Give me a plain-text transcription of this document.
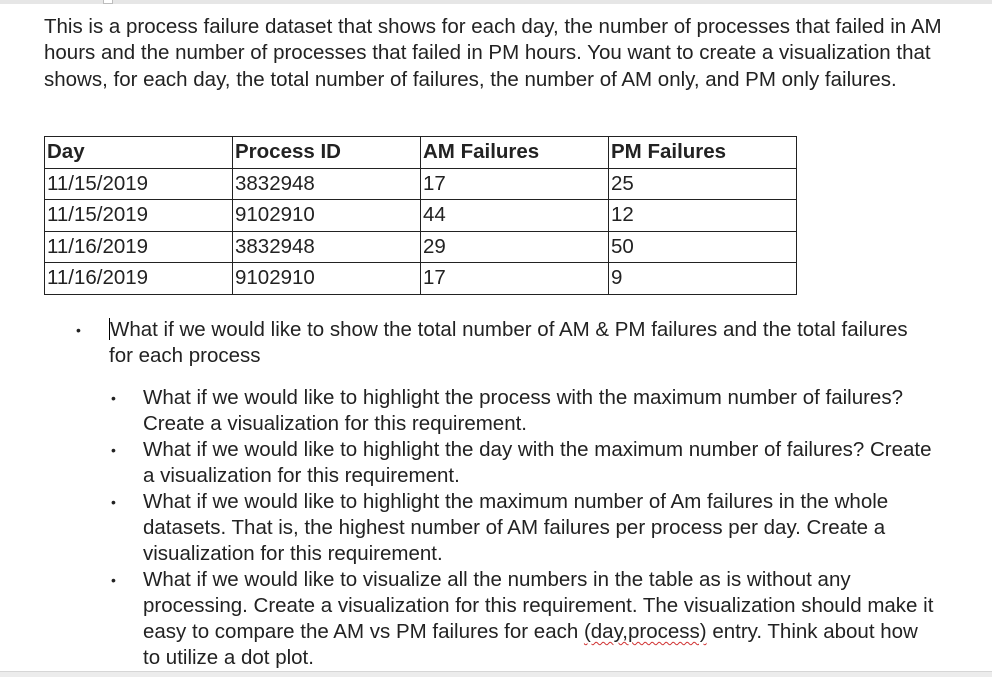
This is a process failure dataset that shows for each day, the number of processes that failed in AM hours and the number of processes that failed in PM hours. You want to create a visualization that shows, for each day, the total number of failures, the number of AM only, and PM only failures.

Day	Process ID	AM Failures	PM Failures
11/15/2019	3832948	17	25
11/15/2019	9102910	44	12
11/16/2019	3832948	29	50
11/16/2019	9102910	17	9
• What if we would like to show the total number of AM & PM failures and the total failures for each process
• What if we would like to highlight the process with the maximum number of failures? Create a visualization for this requirement.
• What if we would like to highlight the day with the maximum number of failures? Create a visualization for this requirement.
• What if we would like to highlight the maximum number of Am failures in the whole datasets. That is, the highest number of AM failures per process per day. Create a visualization for this requirement.
• What if we would like to visualize all the numbers in the table as is without any processing. Create a visualization for this requirement. The visualization should make it easy to compare the AM vs PM failures for each (day,process) entry. Think about how to utilize a dot plot.
